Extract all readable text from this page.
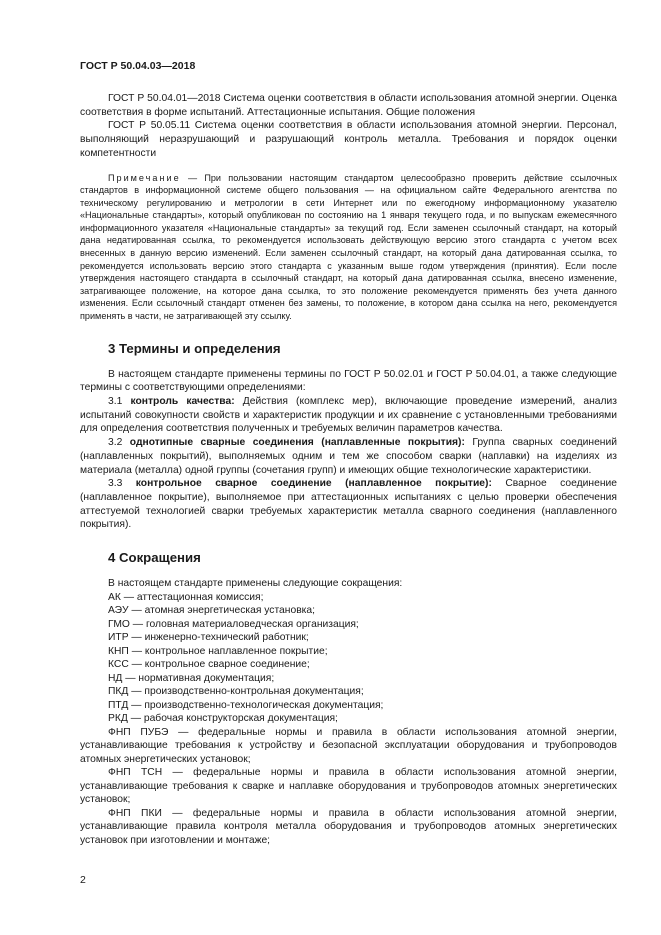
ГОСТ Р 50.04.03—2018

ГОСТ Р 50.04.01—2018 Система оценки соответствия в области использования атомной энергии. Оценка соответствия в форме испытаний. Аттестационные испытания. Общие положения

ГОСТ Р 50.05.11 Система оценки соответствия в области использования атомной энергии. Персонал, выполняющий неразрушающий и разрушающий контроль металла. Требования и порядок оценки компетентности

Примечание — При пользовании настоящим стандартом целесообразно проверить действие ссылочных стандартов в информационной системе общего пользования — на официальном сайте Федерального агентства по техническому регулированию и метрологии в сети Интернет или по ежегодному информационному указателю «Национальные стандарты», который опубликован по состоянию на 1 января текущего года, и по выпускам ежемесячного информационного указателя «Национальные стандарты» за текущий год. Если заменен ссылочный стандарт, на который дана недатированная ссылка, то рекомендуется использовать действующую версию этого стандарта с учетом всех внесенных в данную версию изменений. Если заменен ссылочный стандарт, на который дана датированная ссылка, то рекомендуется использовать версию этого стандарта с указанным выше годом утверждения (принятия). Если после утверждения настоящего стандарта в ссылочный стандарт, на который дана датированная ссылка, внесено изменение, затрагивающее положение, на которое дана ссылка, то это положение рекомендуется применять без учета данного изменения. Если ссылочный стандарт отменен без замены, то положение, в котором дана ссылка на него, рекомендуется применять в части, не затрагивающей эту ссылку.

3 Термины и определения

В настоящем стандарте применены термины по ГОСТ Р 50.02.01 и ГОСТ Р 50.04.01, а также следующие термины с соответствующими определениями:

3.1 контроль качества: Действия (комплекс мер), включающие проведение измерений, анализ испытаний совокупности свойств и характеристик продукции и их сравнение с установленными требованиями для определения соответствия полученных и требуемых величин параметров качества.

3.2 однотипные сварные соединения (наплавленные покрытия): Группа сварных соединений (наплавленных покрытий), выполняемых одним и тем же способом сварки (наплавки) на изделиях из материала (металла) одной группы (сочетания групп) и имеющих общие технологические характеристики.

3.3 контрольное сварное соединение (наплавленное покрытие): Сварное соединение (наплавленное покрытие), выполняемое при аттестационных испытаниях с целью проверки обеспечения аттестуемой технологией сварки требуемых характеристик металла сварного соединения (наплавленного покрытия).

4 Сокращения

В настоящем стандарте применены следующие сокращения:

АК — аттестационная комиссия;

АЭУ — атомная энергетическая установка;

ГМО — головная материаловедческая организация;

ИТР — инженерно-технический работник;

КНП — контрольное наплавленное покрытие;

КСС — контрольное сварное соединение;

НД — нормативная документация;

ПКД — производственно-контрольная документация;

ПТД — производственно-технологическая документация;

РКД — рабочая конструкторская документация;

ФНП ПУБЭ — федеральные нормы и правила в области использования атомной энергии, устанавливающие требования к устройству и безопасной эксплуатации оборудования и трубопроводов атомных энергетических установок;

ФНП ТСН — федеральные нормы и правила в области использования атомной энергии, устанавливающие требования к сварке и наплавке оборудования и трубопроводов атомных энергетических установок;

ФНП ПКИ — федеральные нормы и правила в области использования атомной энергии, устанавливающие правила контроля металла оборудования и трубопроводов атомных энергетических установок при изготовлении и монтаже;

2
